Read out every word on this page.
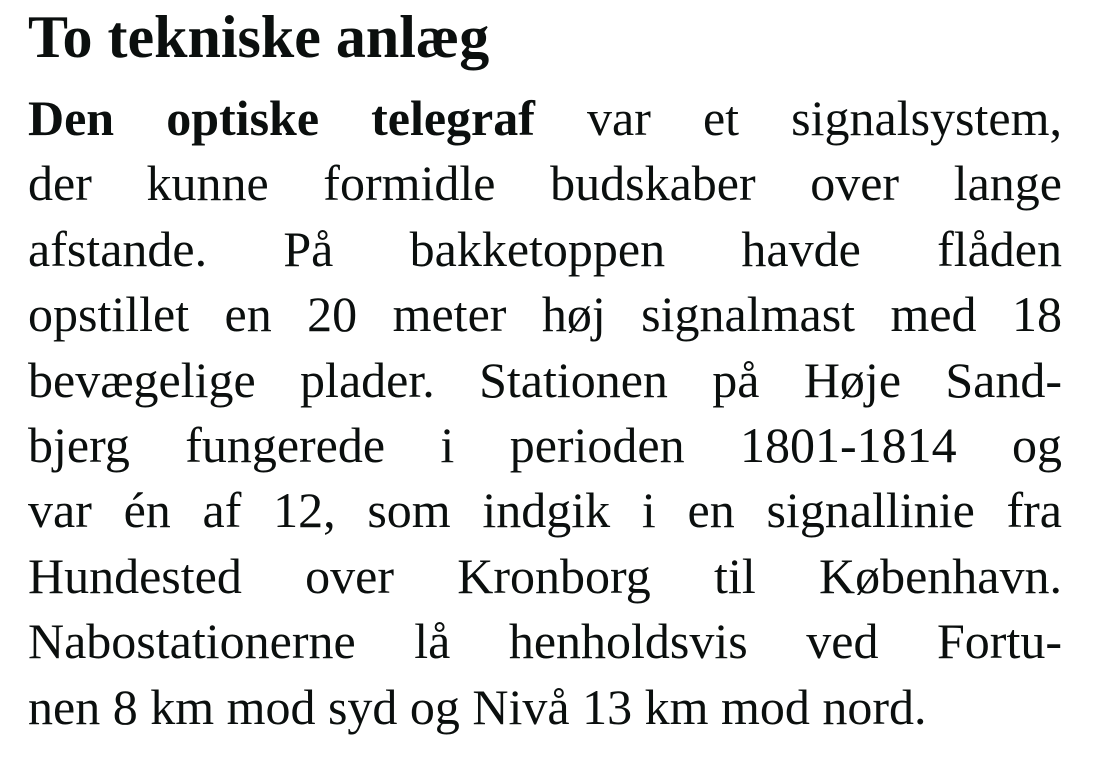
To tekniske anlæg
Den optiske telegraf var et signalsystem,
der kunne formidle budskaber over lange
afstande. På bakketoppen havde flåden
opstillet en 20 meter høj signalmast med 18
bevægelige plader. Stationen på Høje Sand-
bjerg fungerede i perioden 1801-1814 og
var én af 12, som indgik i en signallinie fra
Hundested over Kronborg til København.
Nabostationerne lå henholdsvis ved Fortu-
nen 8 km mod syd og Nivå 13 km mod nord.
